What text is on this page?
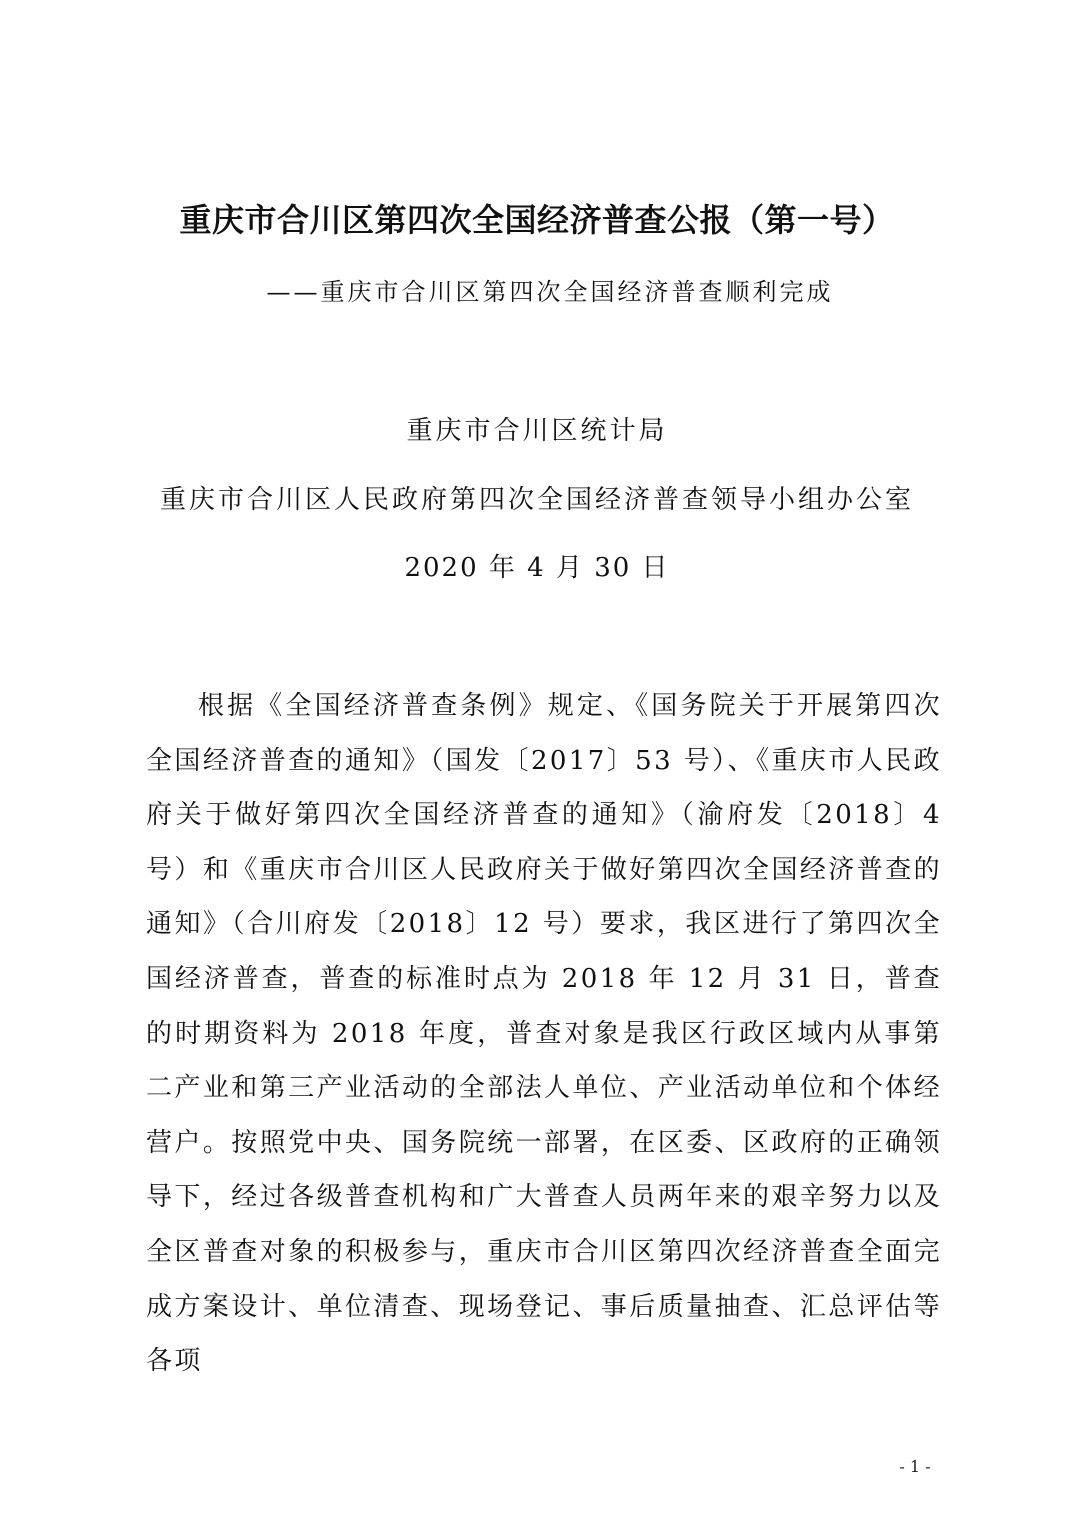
重庆市合川区第四次全国经济普查公报（第一号）
——重庆市合川区第四次全国经济普查顺利完成
重庆市合川区统计局
重庆市合川区人民政府第四次全国经济普查领导小组办公室
2020 年 4 月 30 日

根据《全国经济普查条例》规定、《国务院关于开展第四次全国经济普查的通知》（国发〔2017〕53 号）、《重庆市人民政府关于做好第四次全国经济普查的通知》（渝府发〔2018〕4 号）和《重庆市合川区人民政府关于做好第四次全国经济普查的通知》（合川府发〔2018〕12 号）要求，我区进行了第四次全国经济普查，普查的标准时点为 2018 年 12 月 31 日，普查的时期资料为 2018 年度，普查对象是我区行政区域内从事第二产业和第三产业活动的全部法人单位、产业活动单位和个体经营户。按照党中央、国务院统一部署，在区委、区政府的正确领导下，经过各级普查机构和广大普查人员两年来的艰辛努力以及全区普查对象的积极参与，重庆市合川区第四次经济普查全面完成方案设计、单位清查、现场登记、事后质量抽查、汇总评估等各项

- 1 -
